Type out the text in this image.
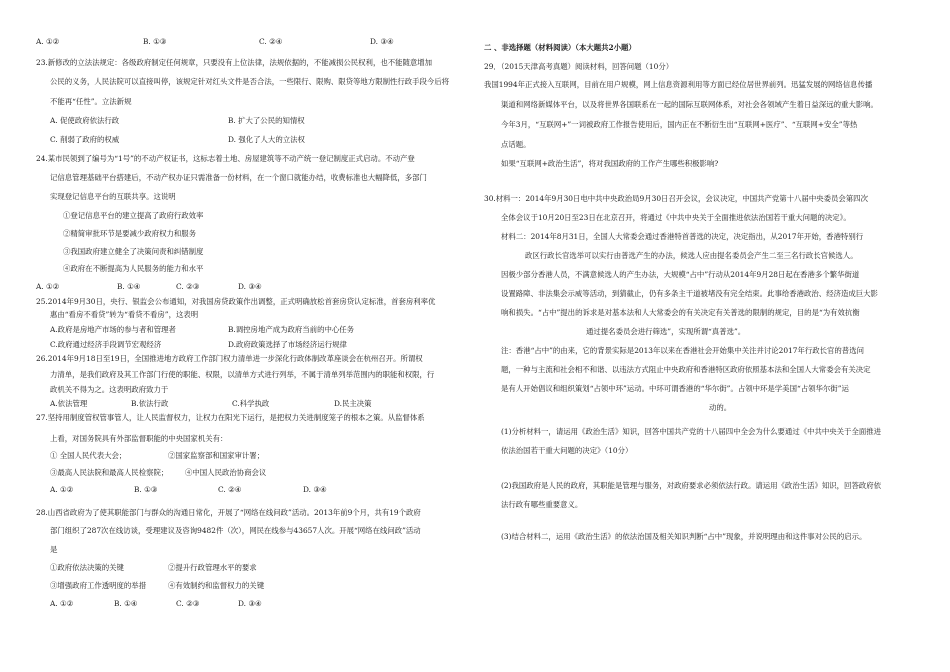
A. ①②	B. ①③	C. ②④	D. ③④
23.新修改的立法法规定：各级政府制定任何规章，只要没有上位法律，法规依据的，不能减损公民权利，也不能随意增加
公民的义务，人民法院可以直接叫停，该规定针对红头文件是否合法，一些限行、限购、限贷等地方限制性行政手段今后将
不能再“任性”。立法新规
A. 促使政府依法行政	B. 扩大了公民的知情权
C. 削弱了政府的权威	D. 强化了人大的立法权
24.某市民领到了编号为“1号”的不动产权证书，这标志着土地、房屋建筑等不动产统一登记制度正式启动。不动产登
记信息管理基础平台搭建后，不动产权办证只需准备一份材料，在一个窗口就能办结，收费标准也大幅降低，多部门
实现登记信息平台的互联共享。这说明
①登记信息平台的建立提高了政府行政效率
②精简审批环节是要减少政府权力和服务
③我国政府建立健全了决策问责和纠错制度
④政府在不断提高为人民服务的能力和水平
A. ①②	B. ①④	C. ②③	D. ③④
25.2014年9月30日，央行、银监会公布通知，对我国房贷政策作出调整，正式明确放松首套房贷认定标准，首套房利率优
惠由“看房不看贷”转为“看贷不看房”，这表明
A.政府是房地产市场的参与者和管理者	B.调控房地产成为政府当前的中心任务
C.政府通过经济手段调节宏观经济	D.政府政策选择了市场经济运行规律
26.2014年9月18日至19日，全国推进地方政府工作部门权力清单进一步深化行政体制改革座谈会在杭州召开。所谓权
力清单，是我们政府及其工作部门行使的职能、权限，以清单方式进行列举，不属于清单列举范围内的职能和权限，行
政机关不得为之。这表明政府致力于
A.依法管理	B.依法行政	C.科学执政	D.民主决策
27.坚持用制度管权管事管人，让人民监督权力，让权力在阳光下运行，是把权力关进制度笼子的根本之策。从监督体系
上看，对国务院具有外部监督职能的中央国家机关有：
① 全国人民代表大会；	②国家监察部和国家审计署；
③最高人民法院和最高人民检察院； ④中国人民政治协商会议
A. ①②	B. ①③	C. ②④	D. ③④
28.山西省政府为了使其职能部门与群众的沟通日常化，开展了“网络在线问政”活动。2013年前9个月，共有19个政府
部门组织了287次在线访谈，受理建议及咨询9482件（次），网民在线参与43657人次。开展“网络在线问政”活动
是
①政府依法决策的关键	②提升行政管理水平的要求
③增强政府工作透明度的举措	④有效制约和监督权力的关键
A. ①②	B. ①④	C. ②③	D. ③④
二 、非选择题（材料阅读）（本大题共2小题）
29．（2015天津高考真题）阅读材料，回答问题（10分）
我国1994年正式接入互联网，目前在用户规模，网上信息资源利用等方面已经位居世界前列。迅猛发展的网络信息传播
渠道和网络新媒体平台，以及将世界各国联系在一起的国际互联网体系，对社会各领域产生着日益深远的重大影响。
今年3月，“互联网+”一词被政府工作报告使用后，国内正在不断衍生出“互联网+医疗”、“互联网+安全”等热
点话题。
如果“互联网+政治生活”，将对我国政府的工作产生哪些积极影响?
30.材料一：2014年9月30日电中共中央政治局9月30日召开会议，会议决定，中国共产党第十八届中央委员会第四次
全体会议于10月20日至23日在北京召开，将通过《中共中央关于全面推进依法治国若干重大问题的决定》。
材料二：2014年8月31日，全国人大常委会通过香港特首普选的决定，决定指出，从2017年开始，香港特别行
政区行政长官选举可以实行由普选产生的办法，候选人应由提名委员会产生二至三名行政长官候选人。
因极少部分香港人员，不满意候选人的产生办法，大规模“占中”行动从2014年9月28日起在香港多个繁华街道
设置路障、非法集会示威等活动，到猜截止，仍有多条主干道被堵没有完全结束。此事给香港政治、经济造成巨大影
响和损失。“占中”提出的诉求是对基本法和人大常委会的有关决定有关普选的限制的规定，目的是“为有效抗衡
通过提名委员会进行筛选”，实现所谓“真普选”。
注：香港“占中”的由来，它的背景实际是2013年以来在香港社会开始集中关注并讨论2017年行政长官的普选问
题，一种与主流和社会相不和谐、以违法方式阻止中央政府和香港特区政府依照基本法和全国人大常委会有关决定
是有人开始倡议和组织策划“占领中环”运动。中环可谓香港的“华尔街”。占领中环是学美国“占领华尔街”运
动的。
(1)分析材料一，请运用《政治生活》知识，回答中国共产党的十八届四中全会为什么要通过《中共中央关于全面推进
依法治国若干重大问题的决定》（10分）
(2)我国政府是人民的政府，其职能是管理与服务，对政府要求必须依法行政。请运用《政治生活》知识，回答政府依
法行政有哪些重要意义。
(3)结合材料二，运用《政治生活》的依法治国及相关知识判断“占中”现象，并说明理由和这件事对公民的启示。
